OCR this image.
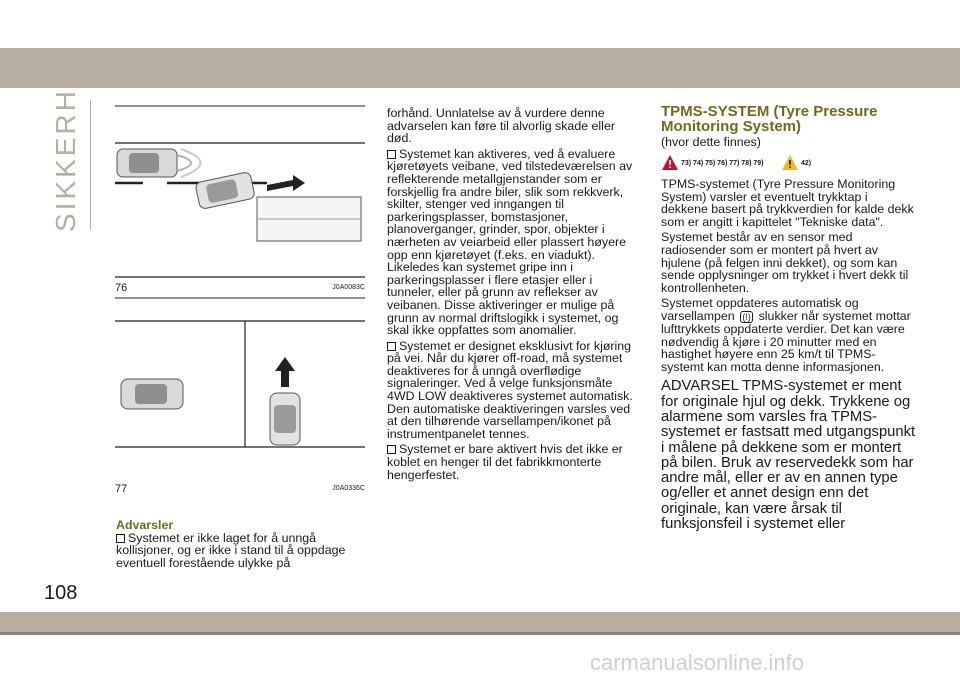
SIKKERHET
76	J0A0083C
77	J0A0336C
Advarsler

Systemet er ikke laget for å unngå kollisjoner, og er ikke i stand til å oppdage eventuell forestående ulykke på

forhånd. Unnlatelse av å vurdere denne advarselen kan føre til alvorlig skade eller død.

Systemet kan aktiveres, ved å evaluere kjøretøyets veibane, ved tilstedeværelsen av reflekterende metallgjenstander som er forskjellig fra andre biler, slik som rekkverk, skilter, stenger ved inngangen til parkeringsplasser, bomstasjoner, planoverganger, grinder, spor, objekter i nærheten av veiarbeid eller plassert høyere opp enn kjøretøyet (f.eks. en viadukt). Likeledes kan systemet gripe inn i parkeringsplasser i flere etasjer eller i tunneler, eller på grunn av reflekser av veibanen. Disse aktiveringer er mulige på grunn av normal driftslogikk i systemet, og skal ikke oppfattes som anomalier.

Systemet er designet eksklusivt for kjøring på vei. Når du kjører off-road, må systemet deaktiveres for å unngå overflødige signaleringer. Ved å velge funksjonsmåte 4WD LOW deaktiveres systemet automatisk. Den automatiske deaktiveringen varsles ved at den tilhørende varsellampen/ikonet på instrumentpanelet tennes.

Systemet er bare aktivert hvis det ikke er koblet en henger til det fabrikkmonterte hengerfestet.

TPMS-SYSTEM (Tyre Pressure Monitoring System)

(hvor dette finnes)

73) 74) 75) 76) 77) 78) 79)	42)

TPMS-systemet (Tyre Pressure Monitoring System) varsler et eventuelt trykktap i dekkene basert på trykkverdien for kalde dekk som er angitt i kapittelet "Tekniske data".

Systemet består av en sensor med radiosender som er montert på hvert av hjulene (på felgen inni dekket), og som kan sende opplysninger om trykket i hvert dekk til kontrollenheten.

Systemet oppdateres automatisk og varsellampen (!) slukker når systemet mottar lufttrykkets oppdaterte verdier. Det kan være nødvendig å kjøre i 20 minutter med en hastighet høyere enn 25 km/t til TPMS-systemt kan motta denne informasjonen.

ADVARSEL TPMS-systemet er ment for originale hjul og dekk. Trykkene og alarmene som varsles fra TPMS-systemet er fastsatt med utgangspunkt i målene på dekkene som er montert på bilen. Bruk av reservedekk som har andre mål, eller er av en annen type og/eller et annet design enn det originale, kan være årsak til funksjonsfeil i systemet eller

108
carmanualsonline.info
